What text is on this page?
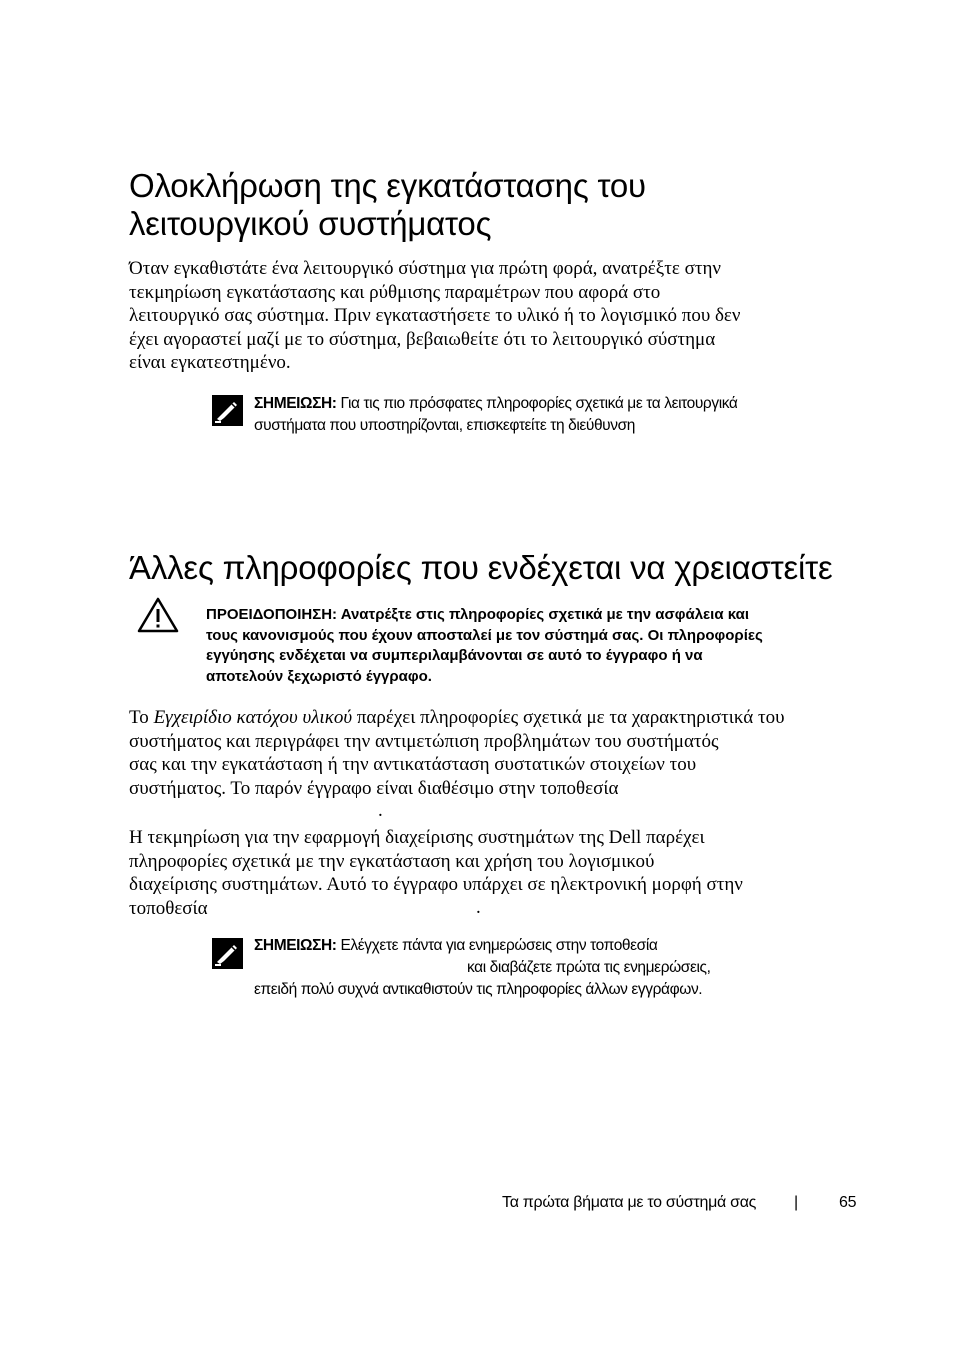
Ολοκλήρωση της εγκατάστασης του
λειτουργικού συστήματος
Όταν εγκαθιστάτε ένα λειτουργικό σύστημα για πρώτη φορά, ανατρέξτε στην
τεκμηρίωση εγκατάστασης και ρύθμισης παραμέτρων που αφορά στο
λειτουργικό σας σύστημα. Πριν εγκαταστήσετε το υλικό ή το λογισμικό που δεν
έχει αγοραστεί μαζί με το σύστημα, βεβαιωθείτε ότι το λειτουργικό σύστημα
είναι εγκατεστημένο.
ΣΗΜΕΙΩΣΗ: Για τις πιο πρόσφατες πληροφορίες σχετικά με τα λειτουργικά
συστήματα που υποστηρίζονται, επισκεφτείτε τη διεύθυνση
Άλλες πληροφορίες που ενδέχεται να χρειαστείτε
ΠΡΟΕΙΔΟΠΟΙΗΣΗ: Ανατρέξτε στις πληροφορίες σχετικά με την ασφάλεια και
τους κανονισμούς που έχουν αποσταλεί με τον σύστημά σας. Οι πληροφορίες
εγγύησης ενδέχεται να συμπεριλαμβάνονται σε αυτό το έγγραφο ή να
αποτελούν ξεχωριστό έγγραφο.
Το Εγχειρίδιο κατόχου υλικού παρέχει πληροφορίες σχετικά με τα χαρακτηριστικά του
συστήματος και περιγράφει την αντιμετώπιση προβλημάτων του συστήματός
σας και την εγκατάσταση ή την αντικατάσταση συστατικών στοιχείων του
συστήματος. Το παρόν έγγραφο είναι διαθέσιμο στην τοποθεσία
.
Η τεκμηρίωση για την εφαρμογή διαχείρισης συστημάτων της Dell παρέχει
πληροφορίες σχετικά με την εγκατάσταση και χρήση του λογισμικού
διαχείρισης συστημάτων. Αυτό το έγγραφο υπάρχει σε ηλεκτρονική μορφή στην
τοποθεσία	.
ΣΗΜΕΙΩΣΗ: Ελέγχετε πάντα για ενημερώσεις στην τοποθεσία
και διαβάζετε πρώτα τις ενημερώσεις,
επειδή πολύ συχνά αντικαθιστούν τις πληροφορίες άλλων εγγράφων.
Τα πρώτα βήματα με το σύστημά σας |	65
